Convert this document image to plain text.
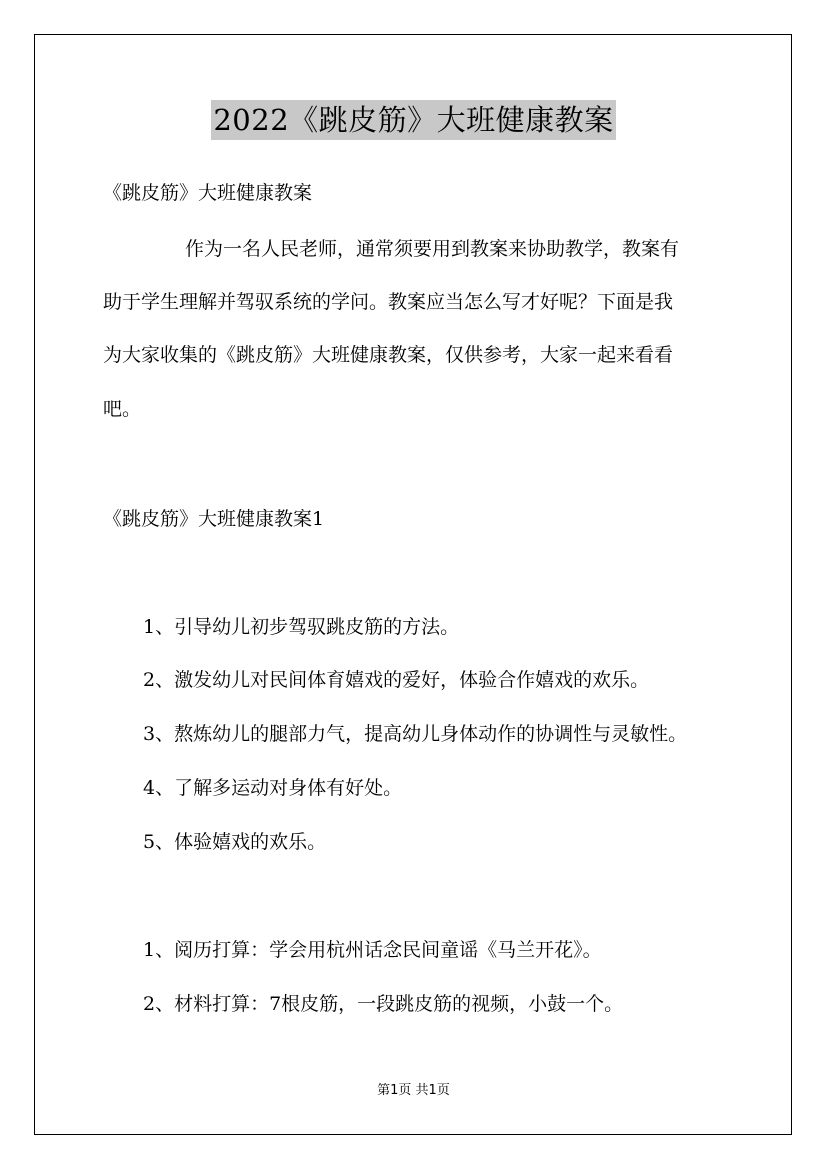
2022《跳皮筋》大班健康教案
《跳皮筋》大班健康教案
作为一名人民老师，通常须要用到教案来协助教学，教案有
助于学生理解并驾驭系统的学问。教案应当怎么写才好呢？下面是我
为大家收集的《跳皮筋》大班健康教案，仅供参考，大家一起来看看
吧。
《跳皮筋》大班健康教案1
1、引导幼儿初步驾驭跳皮筋的方法。
2、激发幼儿对民间体育嬉戏的爱好，体验合作嬉戏的欢乐。
3、熬炼幼儿的腿部力气，提高幼儿身体动作的协调性与灵敏性。
4、了解多运动对身体有好处。
5、体验嬉戏的欢乐。
1、阅历打算：学会用杭州话念民间童谣《马兰开花》。
2、材料打算：7根皮筋，一段跳皮筋的视频，小鼓一个。
第1页 共1页
